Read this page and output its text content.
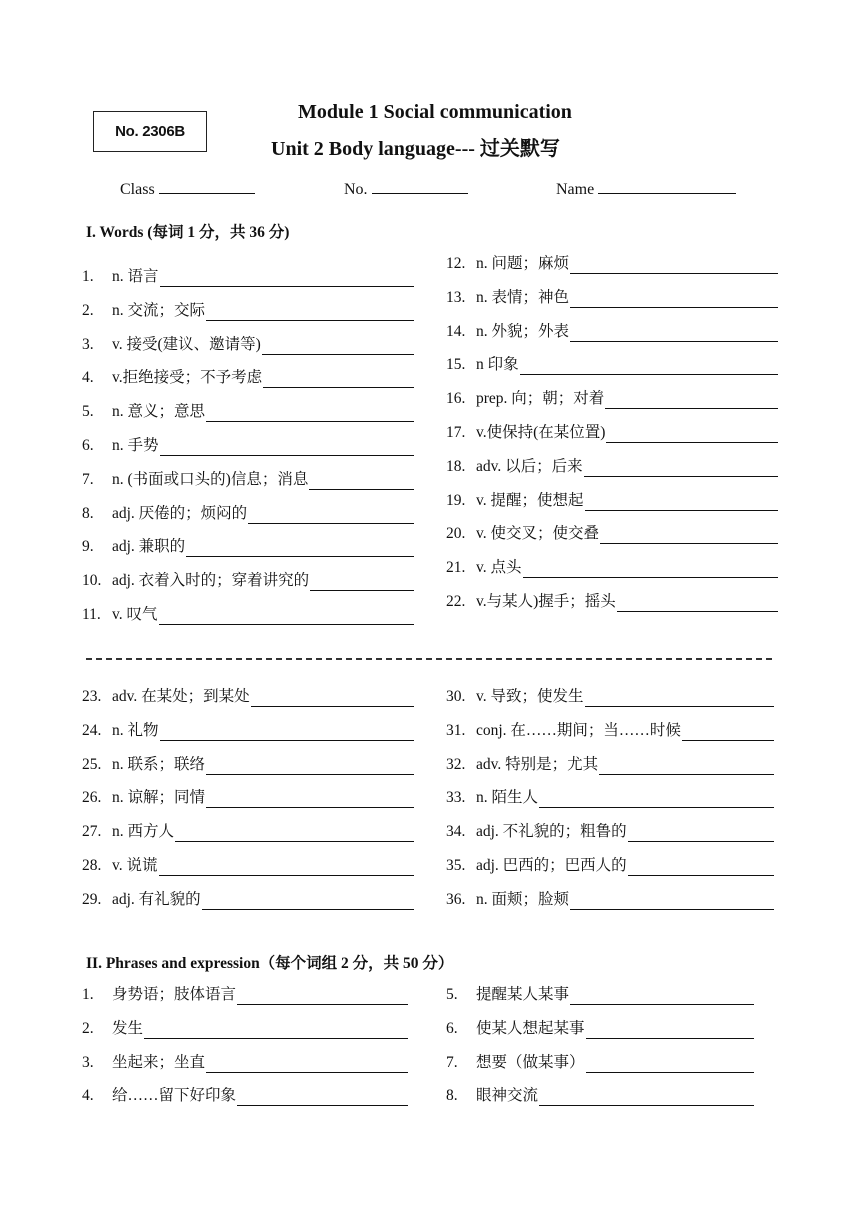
No. 2306B
Module 1 Social communication
Unit 2 Body language--- 过关默写
Class	No.	Name
I. Words (每词 1 分，共 36 分)
1.	n. 语言
2.	n. 交流；交际
3.	v. 接受(建议、邀请等)
4.	v.拒绝接受；不予考虑
5.	n. 意义；意思
6.	n. 手势
7.	n. (书面或口头的)信息；消息
8.	adj. 厌倦的；烦闷的
9.	adj. 兼职的
10. adj. 衣着入时的；穿着讲究的
11. v. 叹气
12. n. 问题；麻烦
13. n. 表情；神色
14. n. 外貌；外表
15. n 印象
16. prep. 向；朝；对着
17. v.使保持(在某位置)
18. adv. 以后；后来
19. v. 提醒；使想起
20. v. 使交叉；使交叠
21. v. 点头
22. v.与某人)握手；摇头
23. adv. 在某处；到某处
24. n. 礼物
25. n. 联系；联络
26. n. 谅解；同情
27. n. 西方人
28. v. 说谎
29. adj. 有礼貌的
30. v. 导致；使发生
31. conj. 在……期间；当……时候
32. adv. 特别是；尤其
33. n. 陌生人
34. adj. 不礼貌的；粗鲁的
35. adj. 巴西的；巴西人的
36. n. 面颊；脸颊
II. Phrases and expression（每个词组 2 分，共 50 分）
1.	身势语；肢体语言
2.	发生
3.	坐起来；坐直
4.	给……留下好印象
5.	提醒某人某事
6.	使某人想起某事
7.	想要（做某事）
8.	眼神交流
